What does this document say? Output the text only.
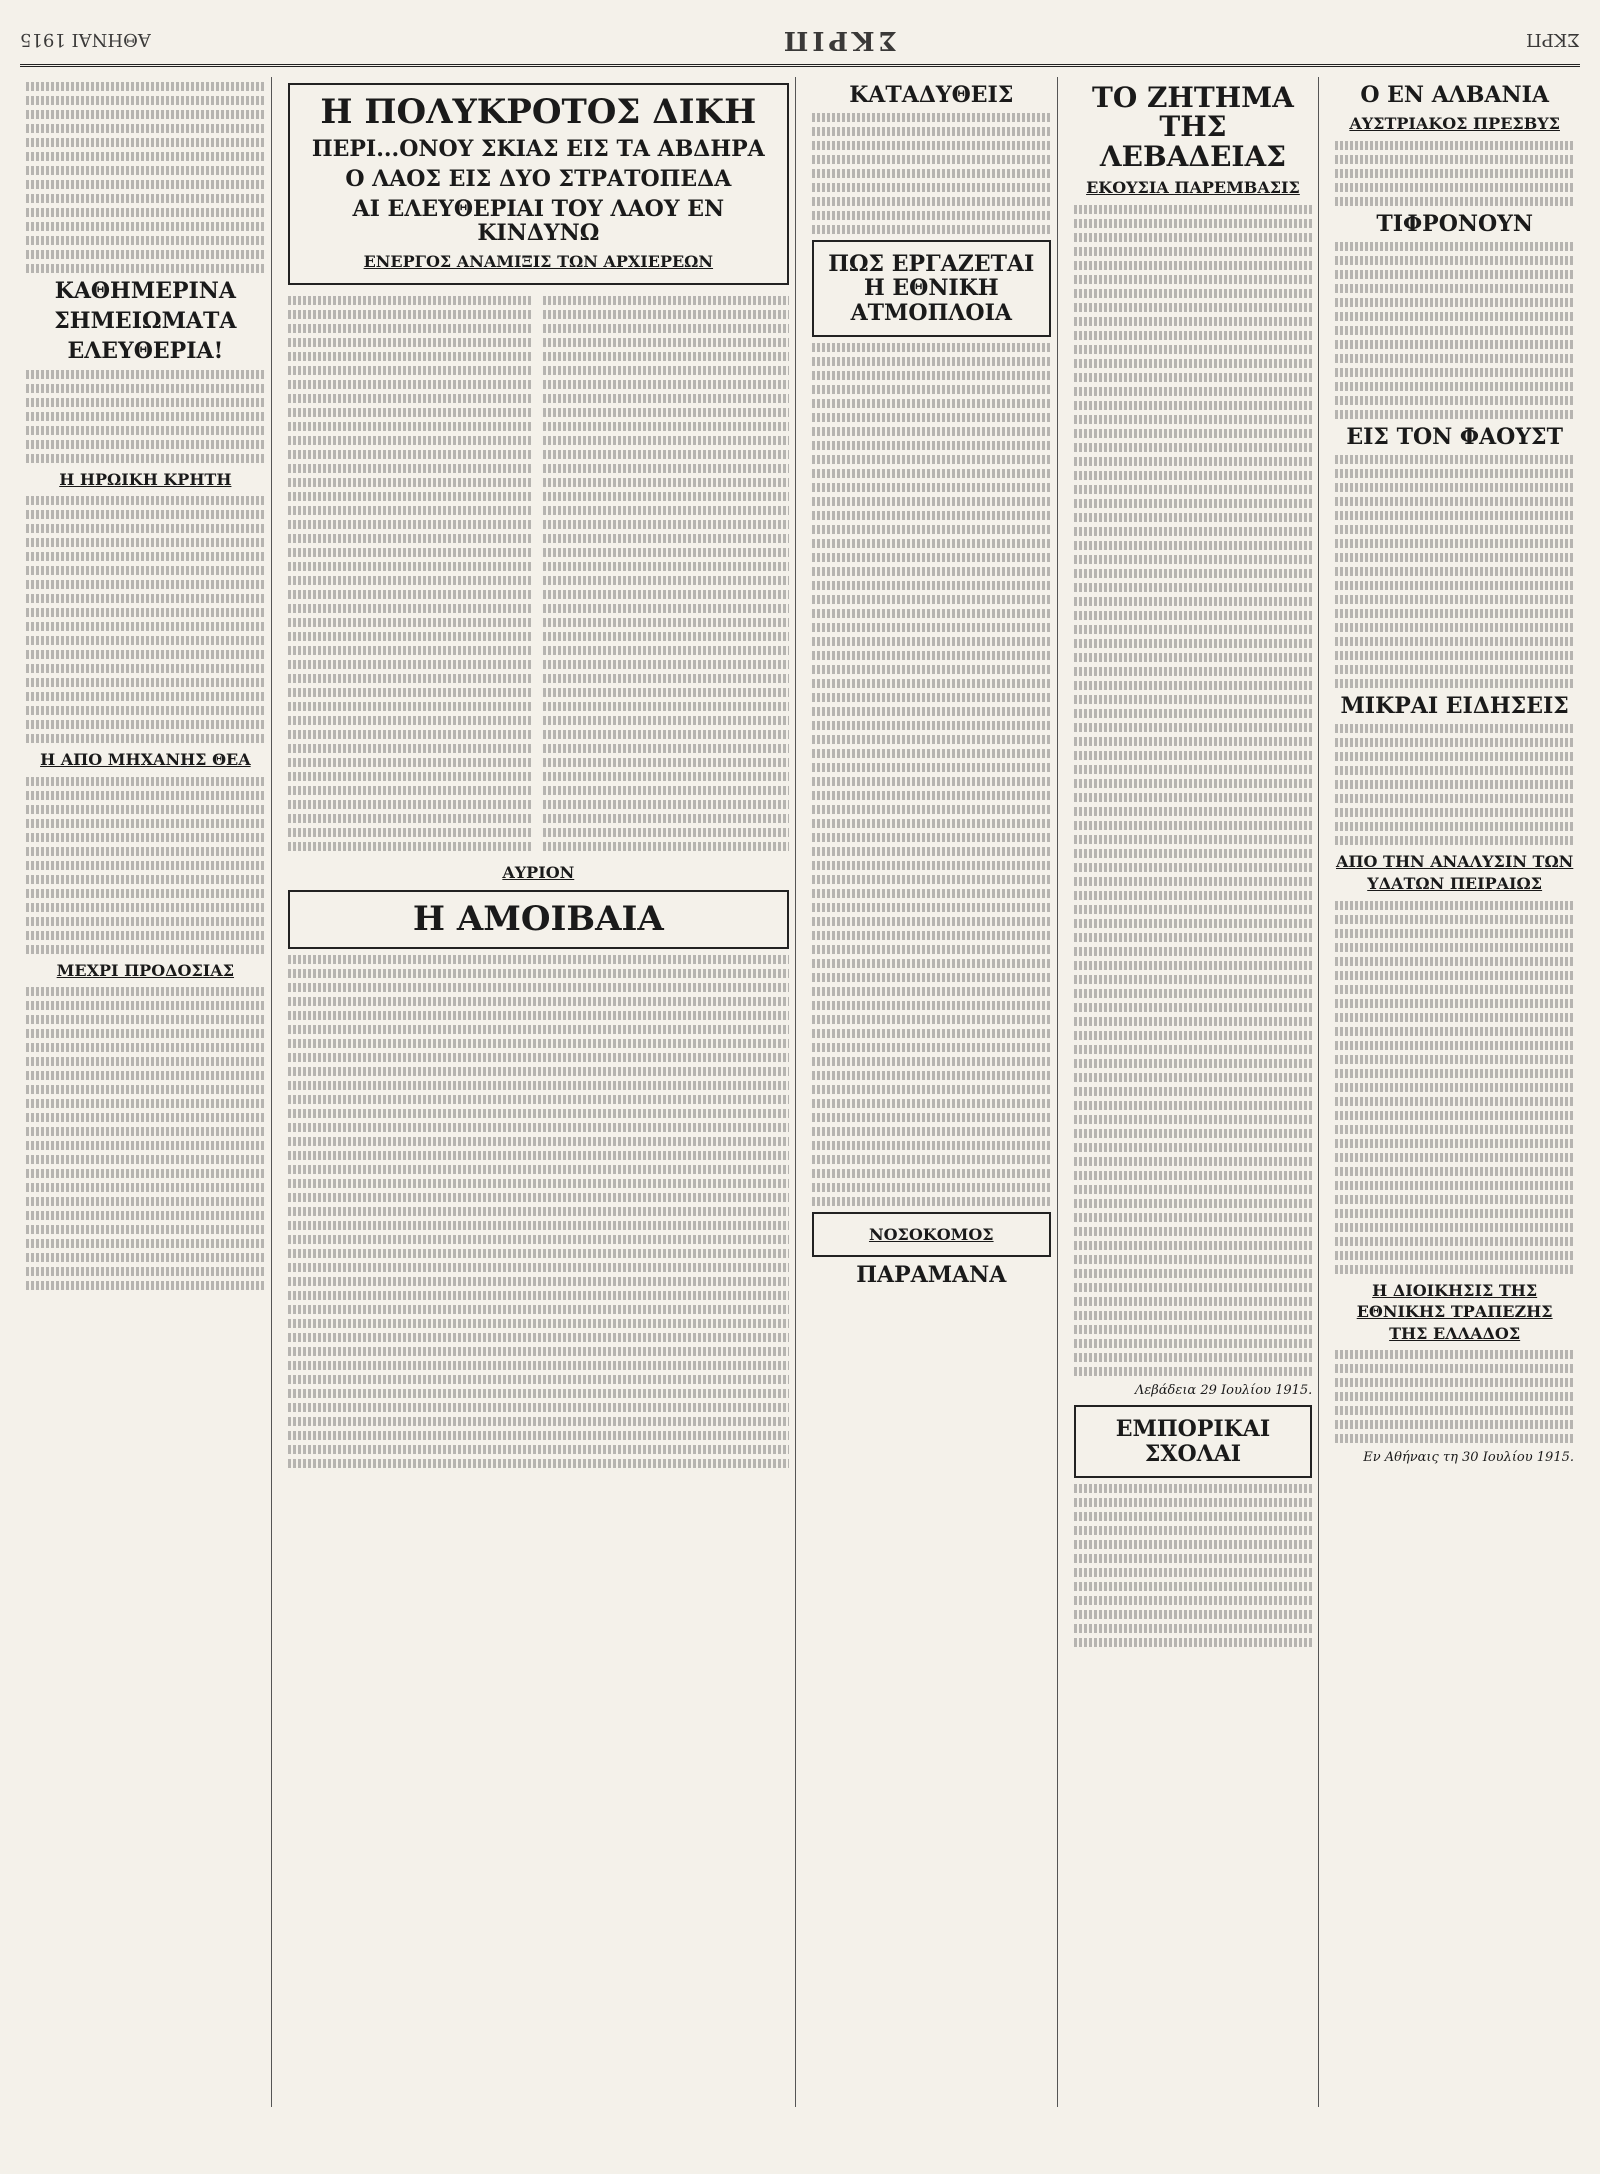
ΣΚΡΠ
ΣΚΡΙΠ
ΑΘΗΝΑΙ 1915
ΚΑΘΗΜΕΡΙΝΑ
ΣΗΜΕΙΩΜΑΤΑ
ΕΛΕΥΘΕΡΙΑ!
Η ΗΡΩΙΚΗ ΚΡΗΤΗ
Η ΑΠΟ ΜΗΧΑΝΗΣ ΘΕΑ
ΜΕΧΡΙ ΠΡΟΔΟΣΙΑΣ
Η ΠΟΛΥΚΡΟΤΟΣ ΔΙΚΗ
ΠΕΡΙ...ΟΝΟΥ ΣΚΙΑΣ ΕΙΣ ΤΑ ΑΒΔΗΡΑ
Ο ΛΑΟΣ ΕΙΣ ΔΥΟ ΣΤΡΑΤΟΠΕΔΑ
ΑΙ ΕΛΕΥΘΕΡΙΑΙ ΤΟΥ ΛΑΟΥ ΕΝ ΚΙΝΔΥΝΩ
ΕΝΕΡΓΟΣ ΑΝΑΜΙΞΙΣ ΤΩΝ ΑΡΧΙΕΡΕΩΝ
ΑΥΡΙΟΝ
Η ΑΜΟΙΒΑΙΑ
ΚΑΤΑΔΥΘΕΙΣ
ΠΩΣ ΕΡΓΑΖΕΤΑΙ Η ΕΘΝΙΚΗ ΑΤΜΟΠΛΟΙΑ
ΝΟΣΟΚΟΜΟΣ
ΠΑΡΑΜΑΝΑ
ΤΟ ΖΗΤΗΜΑ ΤΗΣ ΛΕΒΑΔΕΙΑΣ
ΕΚΟΥΣΙΑ ΠΑΡΕΜΒΑΣΙΣ
Λεβάδεια 29 Ιουλίου 1915.
ΕΜΠΟΡΙΚΑΙ ΣΧΟΛΑΙ
Ο ΕΝ ΑΛΒΑΝΙΑ
ΑΥΣΤΡΙΑΚΟΣ ΠΡΕΣΒΥΣ
ΤΙΦΡΟΝΟΥΝ
ΕΙΣ ΤΟΝ ΦΑΟΥΣΤ
ΜΙΚΡΑΙ ΕΙΔΗΣΕΙΣ
ΑΠΟ ΤΗΝ ΑΝΑΛΥΣΙΝ ΤΩΝ ΥΔΑΤΩΝ ΠΕΙΡΑΙΩΣ
Η ΔΙΟΙΚΗΣΙΣ ΤΗΣ ΕΘΝΙΚΗΣ ΤΡΑΠΕΖΗΣ ΤΗΣ ΕΛΛΑΔΟΣ
Εν Αθήναις τη 30 Ιουλίου 1915.
